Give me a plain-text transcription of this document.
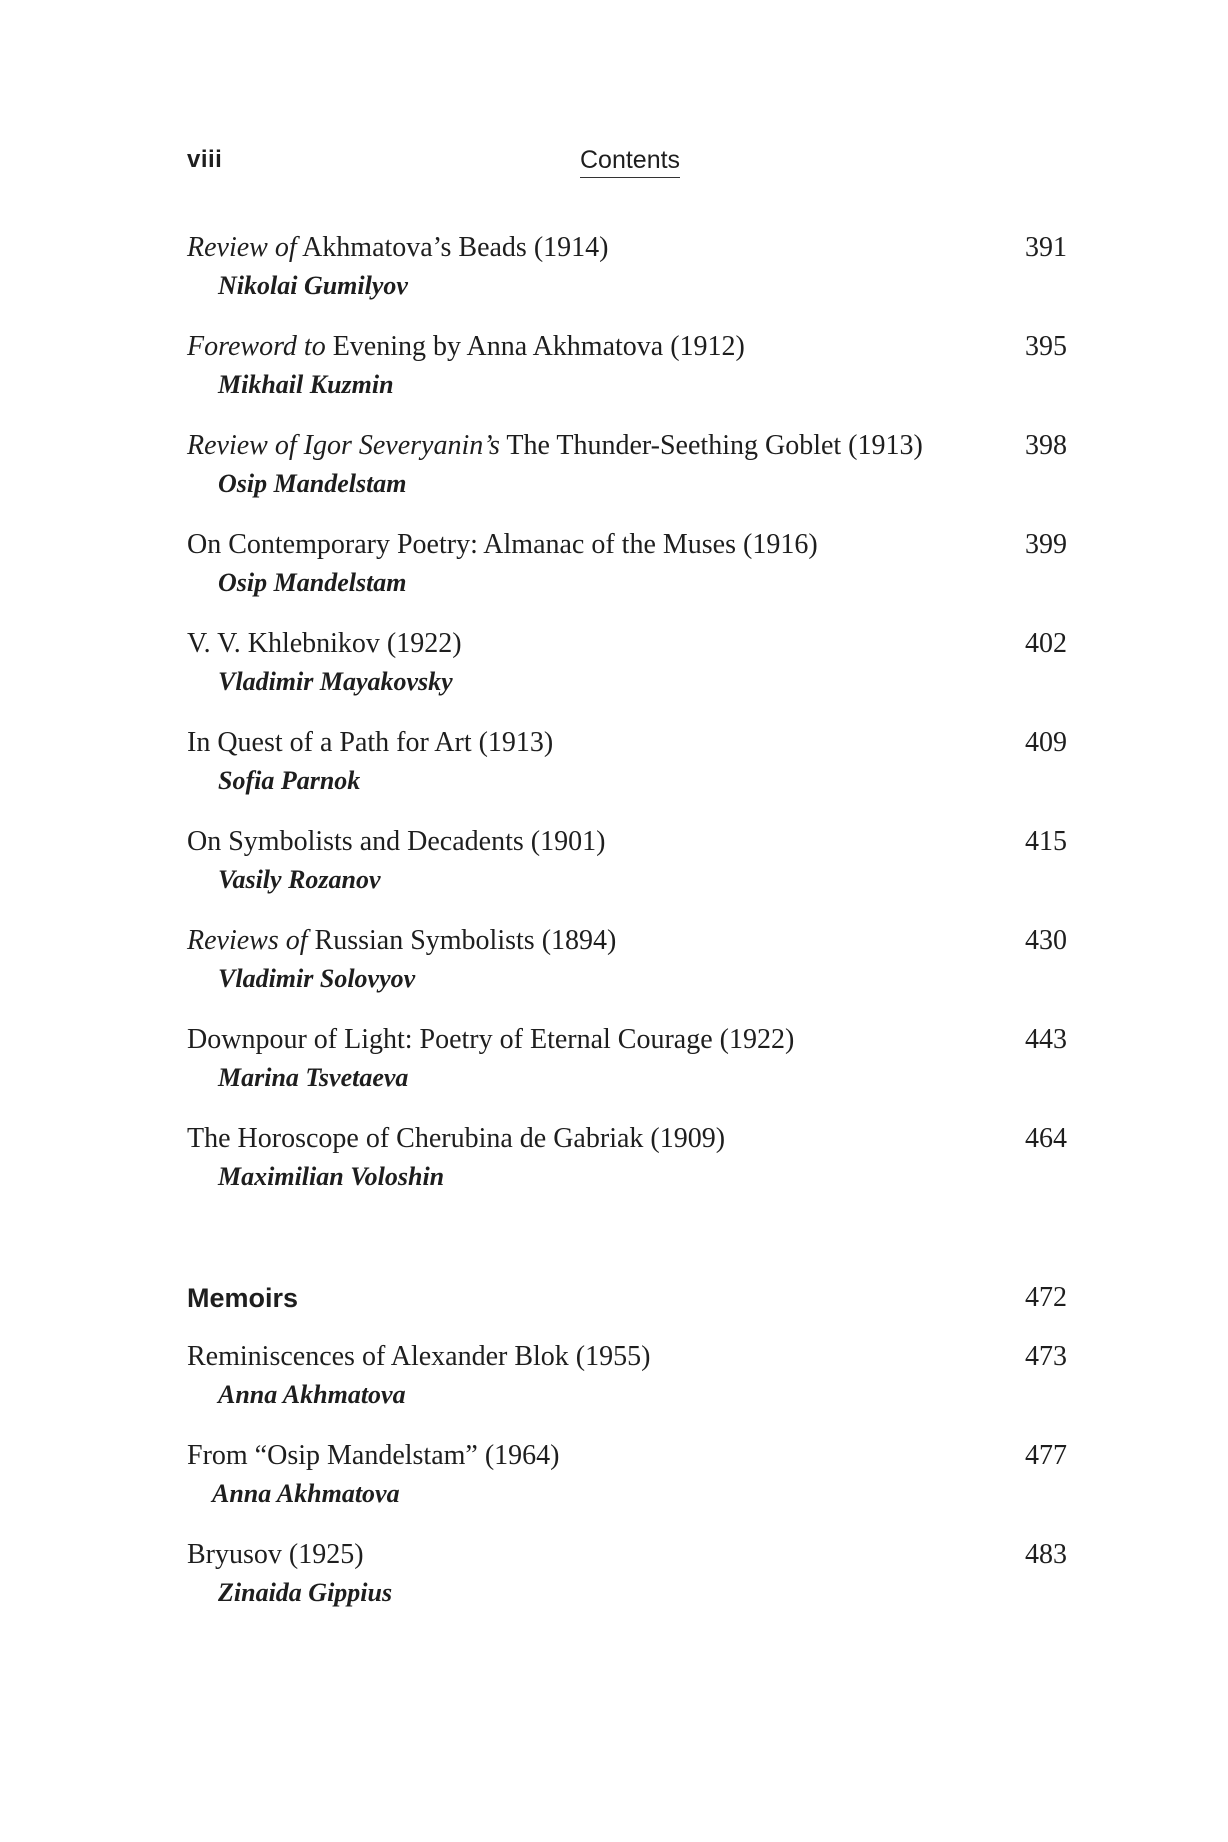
viii	Contents
Review of Akhmatova’s Beads (1914)	391
Nikolai Gumilyov
Foreword to Evening by Anna Akhmatova (1912)	395
Mikhail Kuzmin
Review of Igor Severyanin’s The Thunder-Seething Goblet (1913)	398
Osip Mandelstam
On Contemporary Poetry: Almanac of the Muses (1916)	399
Osip Mandelstam
V. V. Khlebnikov (1922)	402
Vladimir Mayakovsky
In Quest of a Path for Art (1913)	409
Sofia Parnok
On Symbolists and Decadents (1901)	415
Vasily Rozanov
Reviews of Russian Symbolists (1894)	430
Vladimir Solovyov
Downpour of Light: Poetry of Eternal Courage (1922)	443
Marina Tsvetaeva
The Horoscope of Cherubina de Gabriak (1909)	464
Maximilian Voloshin
Memoirs	472
Reminiscences of Alexander Blok (1955)	473
Anna Akhmatova
From “Osip Mandelstam” (1964)	477
Anna Akhmatova
Bryusov (1925)	483
Zinaida Gippius
